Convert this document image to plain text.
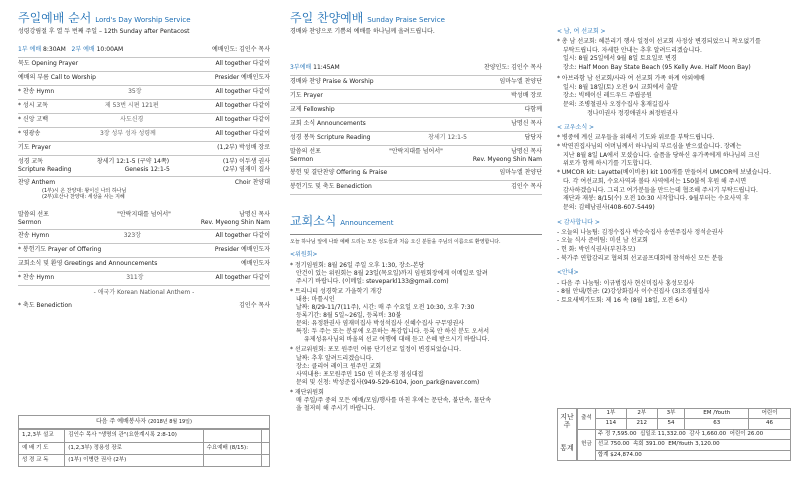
주일예배 순서 Lord's Day Worship Service
성령강림절 후 열 두 번째 주일 – 12th Sunday after Pentacost
1부 예배 8:30AM 2부 예배 10:00AM	예배인도: 김인수 목사
묵도 Opening Prayer	All together 다같이
예배의 부름 Call to Worship	Presider 예배인도자
* 찬송 Hymn	35장	All together 다같이
* 성시 교독	제 53번 시편 121편	All together 다같이
* 신앙 고백	사도신경	All together 다같이
* 영광송	3장 성부 성자 성령께	All together 다같이
기도 Prayer	(1,2부) 박성배 장로
성경 교독	창세기 12:1-5 (구약 14쪽)	(1부) 이두생 권사
Scripture Reading	Genesis 12:1-5	(2부) 염재미 집사
찬양 Anthem	Choir 찬양대
(1부)시 온 찬양대: 왕이신 나의 하나님
(2부)호산나 찬양대: 세상을 사는 지혜
말씀의 선포	"안락지대를 넘어서"	남명신 목사
Sermon	Rev. Myeong Shin Nam
찬송 Hymn	323장	All together 다같이
* 봉헌기도 Prayer of Offering	Presider 예배인도자
교회소식 및 환영 Greetings and Announcements	예배인도자
* 찬송 Hymn	311장	All together 다같이
- 애국가 Korean National Anthem -
* 축도 Benediction	김인수 목사
다음 주 예배봉사자 (2018년 8월 19일)
1,2,3부 설교	김인수 목사 "생명의 관"(요한계시록 2:8-10)		
예 배 기 도	(1,2,3부) 정용성 장로	수요예배 (8/15):	
성 경 교 독	(1부) 이병란 권사 (2부)		
주일 찬양예배 Sunday Praise Service
경배와 찬양으로 기쁨의 예배를 하나님께 올려드립니다.
3부예배 11:45AM	찬양인도: 김인수 목사
경배와 찬양 Praise & Worship	임마누엘 찬양단
기도 Prayer	박성배 장로
교제 Fellowship	다함께
교회 소식 Announcements	남명신 목사
성경 봉독 Scripture Reading	창세기 12:1-5	담당자
말씀의 선포	"안락지대를 넘어서"	남명신 목사
Sermon	Rev. Myeong Shin Nam
봉헌 및 결단찬양 Offering & Praise	임마누엘 찬양단
봉헌기도 및 축도 Benediction	김인수 목사
교회소식 Announcement
오늘 하나님 앞에 나와 예배 드리는 모든 성도들과 처음 오신 분들을 주님의 이름으로 환영합니다.
<위원회>
* 정기임원회: 8월 26일 주일 오후 1:30, 장소-본당
안건이 있는 위원회는 8월 23일(목요일)까지 임원회장에게 이메일로 알려
주시기 바랍니다. (이메일: steveparkl133@gmail.com)
* 트리니티 성경학교 가을학기 개강
내용: 마틀시인
날짜: 8/29-11/7(11주), 시간: 매 주 수요일 오전 10:30, 오후 7:30
등록기간: 8월 5일~26일, 등록비: 30불
문의: 유정완권사 염재미집사 박성석집사 신혜수집사 구무영권사
특징: 두 주는 또는 분류에 오픈하는 특강입니다. 등록 안 하신 분도 오셔서
유제성유사님의 바울의 선교 여행에 대해 듣고 은혜 받으시기 바랍니다.
* 선교위원회: 포모 원주민 여름 단기선교 일정이 변경되었습니다.
날짜: 추후 알려드리겠습니다.
장소: 클리어 레이크 원주민 교회
사역내용: 포모원주민 150 인 미운조정 점심대접
문의 및 신청: 박성준집사(949-529-6104, joon_park@naver.com)
* 재단위원회
매 주일/주 중의 모든 예배/모임/행사를 마친 후에는 문단속, 불단속, 물단속
을 철저히 해 주시기 바랍니다.
< 남, 여 선교회 >
* 총 남 선교회: 헤븐리기 행사 일정이 선교회 사정상 변경되었으니 착오없기를
부탁드립니다. 자세한 안내는 추후 알려드리겠습니다.
일시: 8월 25일에서 9월 8일 토요일로 변경
장소: Half Moon Bay State Beach (95 Kelly Ave. Half Moon Bay)
* 아브라함 남 선교회/사라 여 선교회 가족 하계 야외예배
일시: 8월 18일(토) 오전 9시 교회에서 출발
장소: 빅베이신 레드우드 주립공원
문의: 조병철권사 오정수집사 홍재길집사
정나미권사 정경애권사 최정원권사
< 교우소식 >
* 병중에 계신 교우들을 위해서 기도와 위로를 부탁드립니다.
* 박연진집사님의 어머님께서 하나님의 부르심을 받으셨습니다. 장례는
지난 8월 8일 LA에서 모셨습니다. 슬픔을 당하신 유가족에게 하나님의 크신
위로가 함께 하시기를 기도합니다.
* UMCOR kit: Layette(베이비용) kit 100개를 만들어서 UMCOR에 보냈습니다.
다. 각 여선교회, 수요사역과 볼타 사역에서는 150불씩 후원 해 주시면
감사하겠습니다. 그리고 여가분들을 만드는데 협조해 주시기 부탁드립니다.
재단과 재봉: 8/15(수) 오전 10:30 시작합니다. 9월부터는 수요사역 후
문의: 김혜남권사(408-607-5449)
< 감사합니다 >
- 오늘의 나눔팀: 김정수집사 박승숙집사 송연주집사 정석순권사
- 오늘 식사 준비팀: 미션 남 선교회
- 헌 화: 박인식권사(부친추모)
- 북가주 연합감리교 협의회 선교골프대회에 참석하신 모든 분들
<안내>
- 다음 주 나눔팀: 이규범집사 현신미집사 홍성모집사
- 8월 안내/헌금: (2)강상화집사 이수진집사 (3)조경필집사
- 토요새벽기도회: 제 16 속 (8월 18일, 오전 6시)
지난
주
통계
출석	1부	2부	3부	EM /Youth	어린이
	114	212	54	63	46
헌금	주 정 7,595.00 십일조 11,332.00 감사 1,660.00 어린이 26.00				
	선교 750.00 속회 391.00 EM/Youth 3,120.00				
	합계 $24,874.00				
